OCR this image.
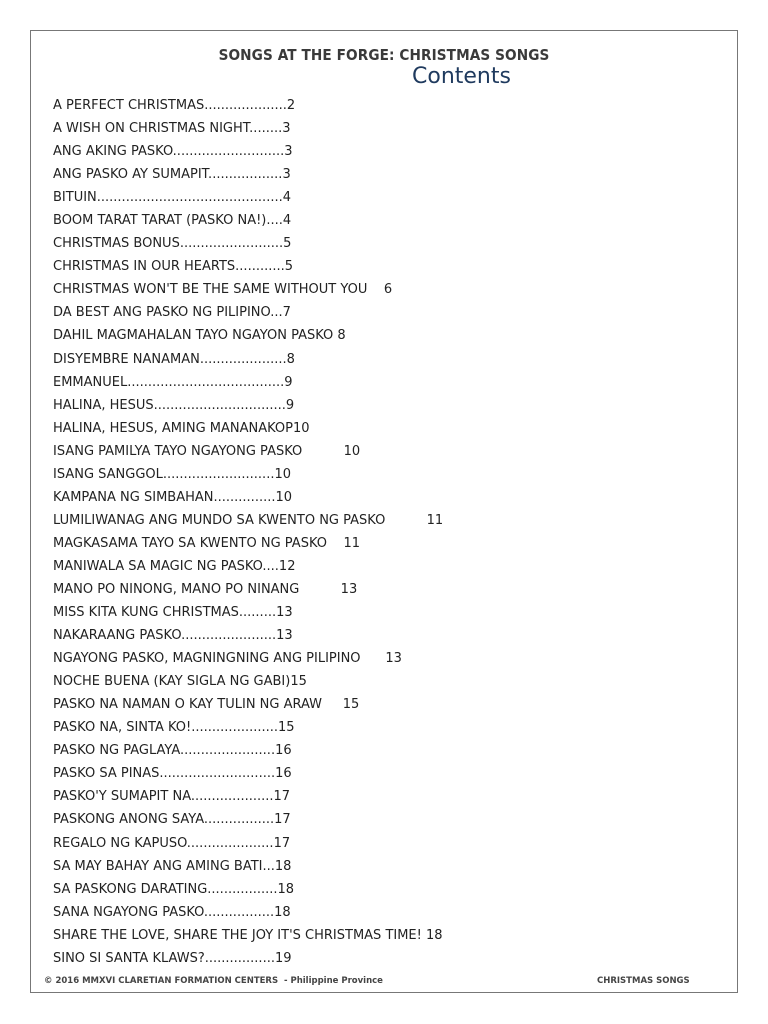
SONGS AT THE FORGE: CHRISTMAS SONGS
Contents
A PERFECT CHRISTMAS....................2
A WISH ON CHRISTMAS NIGHT........3
ANG AKING PASKO...........................3
ANG PASKO AY SUMAPIT..................3
BITUIN.............................................4
BOOM TARAT TARAT (PASKO NA!)....4
CHRISTMAS BONUS.........................5
CHRISTMAS IN OUR HEARTS............5
CHRISTMAS WON'T BE THE SAME WITHOUT YOU    6
DA BEST ANG PASKO NG PILIPINO...7
DAHIL MAGMAHALAN TAYO NGAYON PASKO 8
DISYEMBRE NANAMAN.....................8
EMMANUEL......................................9
HALINA, HESUS................................9
HALINA, HESUS, AMING MANANAKOP10
ISANG PAMILYA TAYO NGAYONG PASKO          10
ISANG SANGGOL...........................10
KAMPANA NG SIMBAHAN...............10
LUMILIWANAG ANG MUNDO SA KWENTO NG PASKO          11
MAGKASAMA TAYO SA KWENTO NG PASKO    11
MANIWALA SA MAGIC NG PASKO....12
MANO PO NINONG, MANO PO NINANG          13
MISS KITA KUNG CHRISTMAS.........13
NAKARAANG PASKO.......................13
NGAYONG PASKO, MAGNINGNING ANG PILIPINO      13
NOCHE BUENA (KAY SIGLA NG GABI)15
PASKO NA NAMAN O KAY TULIN NG ARAW     15
PASKO NA, SINTA KO!.....................15
PASKO NG PAGLAYA.......................16
PASKO SA PINAS............................16
PASKO'Y SUMAPIT NA....................17
PASKONG ANONG SAYA.................17
REGALO NG KAPUSO.....................17
SA MAY BAHAY ANG AMING BATI...18
SA PASKONG DARATING.................18
SANA NGAYONG PASKO.................18
SHARE THE LOVE, SHARE THE JOY IT'S CHRISTMAS TIME! 18
SINO SI SANTA KLAWS?.................19
© 2016 MMXVI CLARETIAN FORMATION CENTERS  - Philippine Province	CHRISTMAS SONGS
